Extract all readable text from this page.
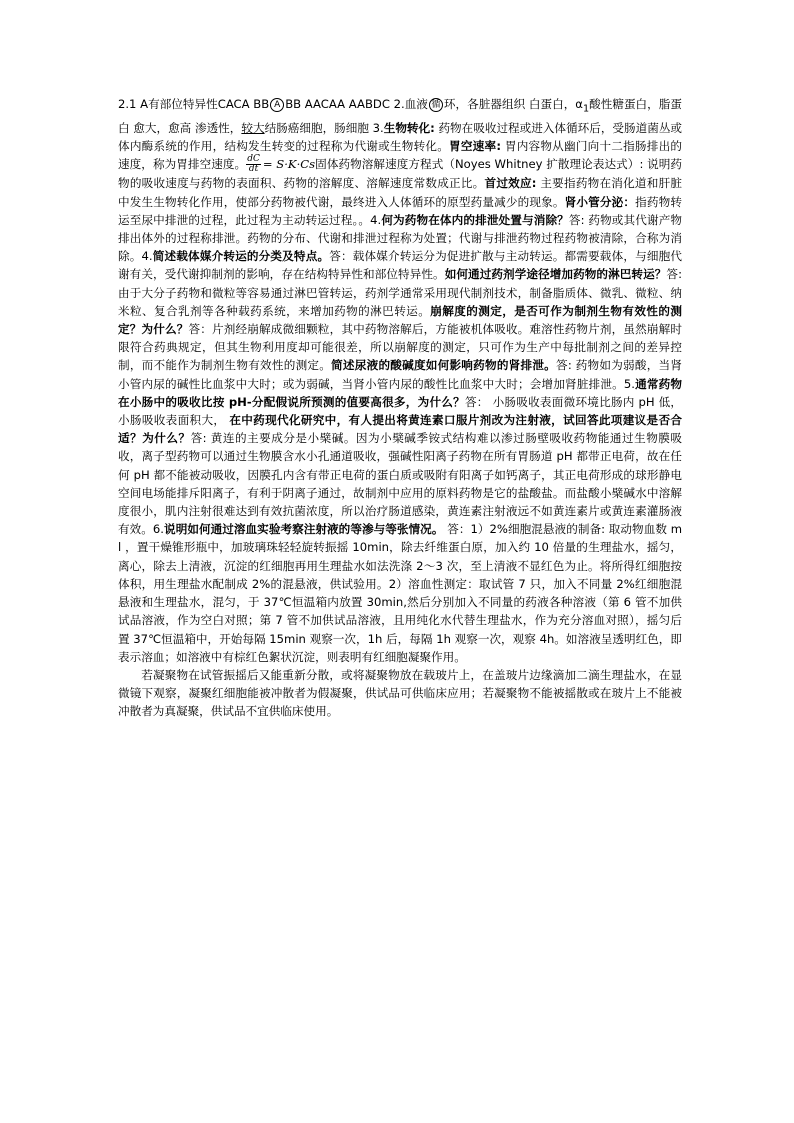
2.1 A有部位特异性CACA BB A BB AACAA AABDC 2.血液 循 环，各脏器组织 白蛋白，$\alpha_1$酸性糖蛋白，脂蛋白 愈大，愈高 渗透性，较大结肠癌细胞，肠细胞 3.生物转化: 药物在吸收过程或进入体循环后，受肠道菌丛或体内酶系统的作用，结构发生转变的过程称为代谢或生物转化。胃空速率: 胃内容物从幽门向十二指肠排出的速度，称为胃排空速度。 $\frac{dC}{dt} = S\cdot K\cdot Cs$固体药物溶解速度方程式（Noyes Whitney 扩散理论表达式）: 说明药物的吸收速度与药物的表面积、药物的溶解度、溶解速度常数成正比。首过效应: 主要指药物在消化道和肝脏中发生生物转化作用，使部分药物被代谢，最终进入人体循环的原型药量减少的现象。肾小管分泌：指药物转运至尿中排泄的过程，此过程为主动转运过程。。4.何为药物在体内的排泄处置与消除？答: 药物或其代谢产物排出体外的过程称排泄。药物的分布、代谢和排泄过程称为处置；代谢与排泄药物过程药物被清除，合称为消除。4.简述载体媒介转运的分类及特点。答：载体媒介转运分为促进扩散与主动转运。都需要载体，与细胞代谢有关，受代谢抑制剂的影响，存在结构特异性和部位特异性。如何通过药剂学途径增加药物的淋巴转运？答: 由于大分子药物和微粒等容易通过淋巴管转运，药剂学通常采用现代制剂技术，制备脂质体、微乳、微粒、纳米粒、复合乳剂等各种载药系统，来增加药物的淋巴转运。崩解度的测定，是否可作为制剂生物有效性的测定？为什么？答：片剂经崩解成微细颗粒，其中药物溶解后，方能被机体吸收。难溶性药物片剂，虽然崩解时限符合药典规定，但其生物利用度却可能很差，所以崩解度的测定，只可作为生产中每批制剂之间的差异控制，而不能作为制剂生物有效性的测定。简述尿液的酸碱度如何影响药物的肾排泄。答: 药物如为弱酸，当肾小管内尿的碱性比血浆中大时；或为弱碱，当肾小管内尿的酸性比血浆中大时；会增加肾脏排泄。5.通常药物在小肠中的吸收比按 pH-分配假说所预测的值要高很多，为什么？答： 小肠吸收表面微环境比肠内 pH 低， 小肠吸收表面积大， 在中药现代化研究中，有人提出将黄连素口服片剂改为注射液，试回答此项建议是否合适？为什么？答: 黄连的主要成分是小檗碱。因为小檗碱季铵式结构难以渗过肠壁吸收药物能通过生物膜吸收，离子型药物可以通过生物膜含水小孔通道吸收，强碱性阳离子药物在所有胃肠道 pH 都带正电荷，故在任何 pH 都不能被动吸收，因膜孔内含有带正电荷的蛋白质或吸附有阳离子如钙离子，其正电荷形成的球形静电空间电场能排斥阳离子，有利于阴离子通过，故制剂中应用的原料药物是它的盐酸盐。而盐酸小檗碱水中溶解度很小，肌内注射很难达到有效抗菌浓度，所以治疗肠道感染，黄连素注射液远不如黄连素片或黄连素灌肠液有效。6.说明如何通过溶血实验考察注射液的等渗与等张情况。 答：1）2%细胞混悬液的制备: 取动物血数 ml ，置干燥锥形瓶中，加玻璃珠轻轻旋转振摇 10min，除去纤维蛋白原，加入约 10 倍量的生理盐水，摇匀，离心，除去上清液，沉淀的红细胞再用生理盐水如法洗涤 2～3 次，至上清液不显红色为止。将所得红细胞按体积，用生理盐水配制成 2%的混悬液，供试验用。2）溶血性测定：取试管 7 只，加入不同量 2%红细胞混悬液和生理盐水，混匀，于 37℃恒温箱内放置 30min,然后分别加入不同量的药液各种溶液（第 6 管不加供试品溶液，作为空白对照；第 7 管不加供试品溶液，且用纯化水代替生理盐水，作为充分溶血对照），摇匀后置 37℃恒温箱中，开始每隔 15min 观察一次，1h 后，每隔 1h 观察一次，观察 4h。如溶液呈透明红色，即表示溶血；如溶液中有棕红色絮状沉淀，则表明有红细胞凝聚作用。

若凝聚物在试管振摇后又能重新分散，或将凝聚物放在载玻片上，在盖玻片边缘滴加二滴生理盐水，在显微镜下观察，凝聚红细胞能被冲散者为假凝聚，供试品可供临床应用；若凝聚物不能被摇散或在玻片上不能被冲散者为真凝聚，供试品不宜供临床使用。
